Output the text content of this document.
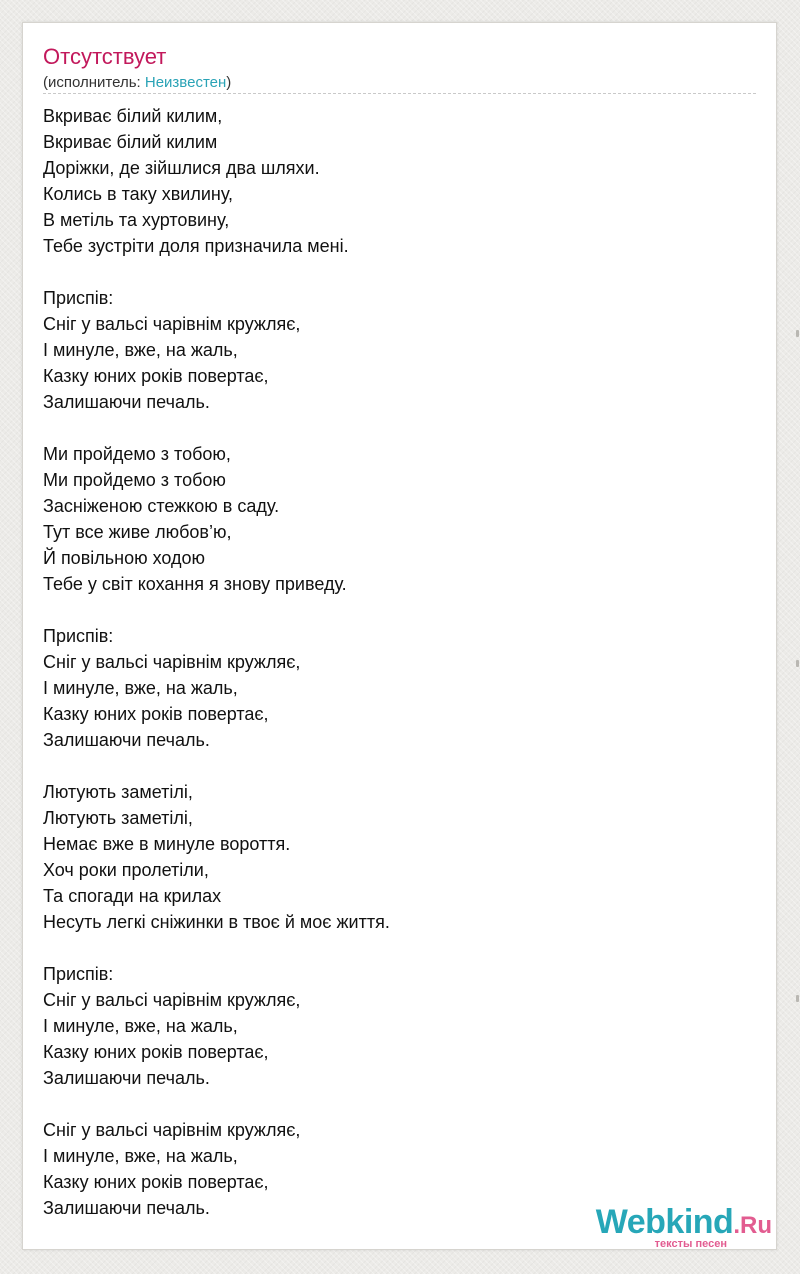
Отсутствует
(исполнитель: Неизвестен)
Вкриває білий килим,
Вкриває білий килим
Доріжки, де зійшлися два шляхи.
Колись в таку хвилину,
В метіль та хуртовину,
Тебе зустріти доля призначила мені.
Приспів:
Сніг у вальсі чарівнім кружляє,
І минуле, вже, на жаль,
Казку юних років повертає,
Залишаючи печаль.
Ми пройдемо з тобою,
Ми пройдемо з тобою
Засніженою стежкою в саду.
Тут все живе любов’ю,
Й повільною ходою
Тебе у світ кохання я знову приведу.
Приспів:
Сніг у вальсі чарівнім кружляє,
І минуле, вже, на жаль,
Казку юних років повертає,
Залишаючи печаль.
Лютують заметілі,
Лютують заметілі,
Немає вже в минуле вороття.
Хоч роки пролетіли,
Та спогади на крилах
Несуть легкі сніжинки в твоє й моє життя.
Приспів:
Сніг у вальсі чарівнім кружляє,
І минуле, вже, на жаль,
Казку юних років повертає,
Залишаючи печаль.
Сніг у вальсі чарівнім кружляє,
І минуле, вже, на жаль,
Казку юних років повертає,
Залишаючи печаль.	Webkind.Ru
тексты песен
